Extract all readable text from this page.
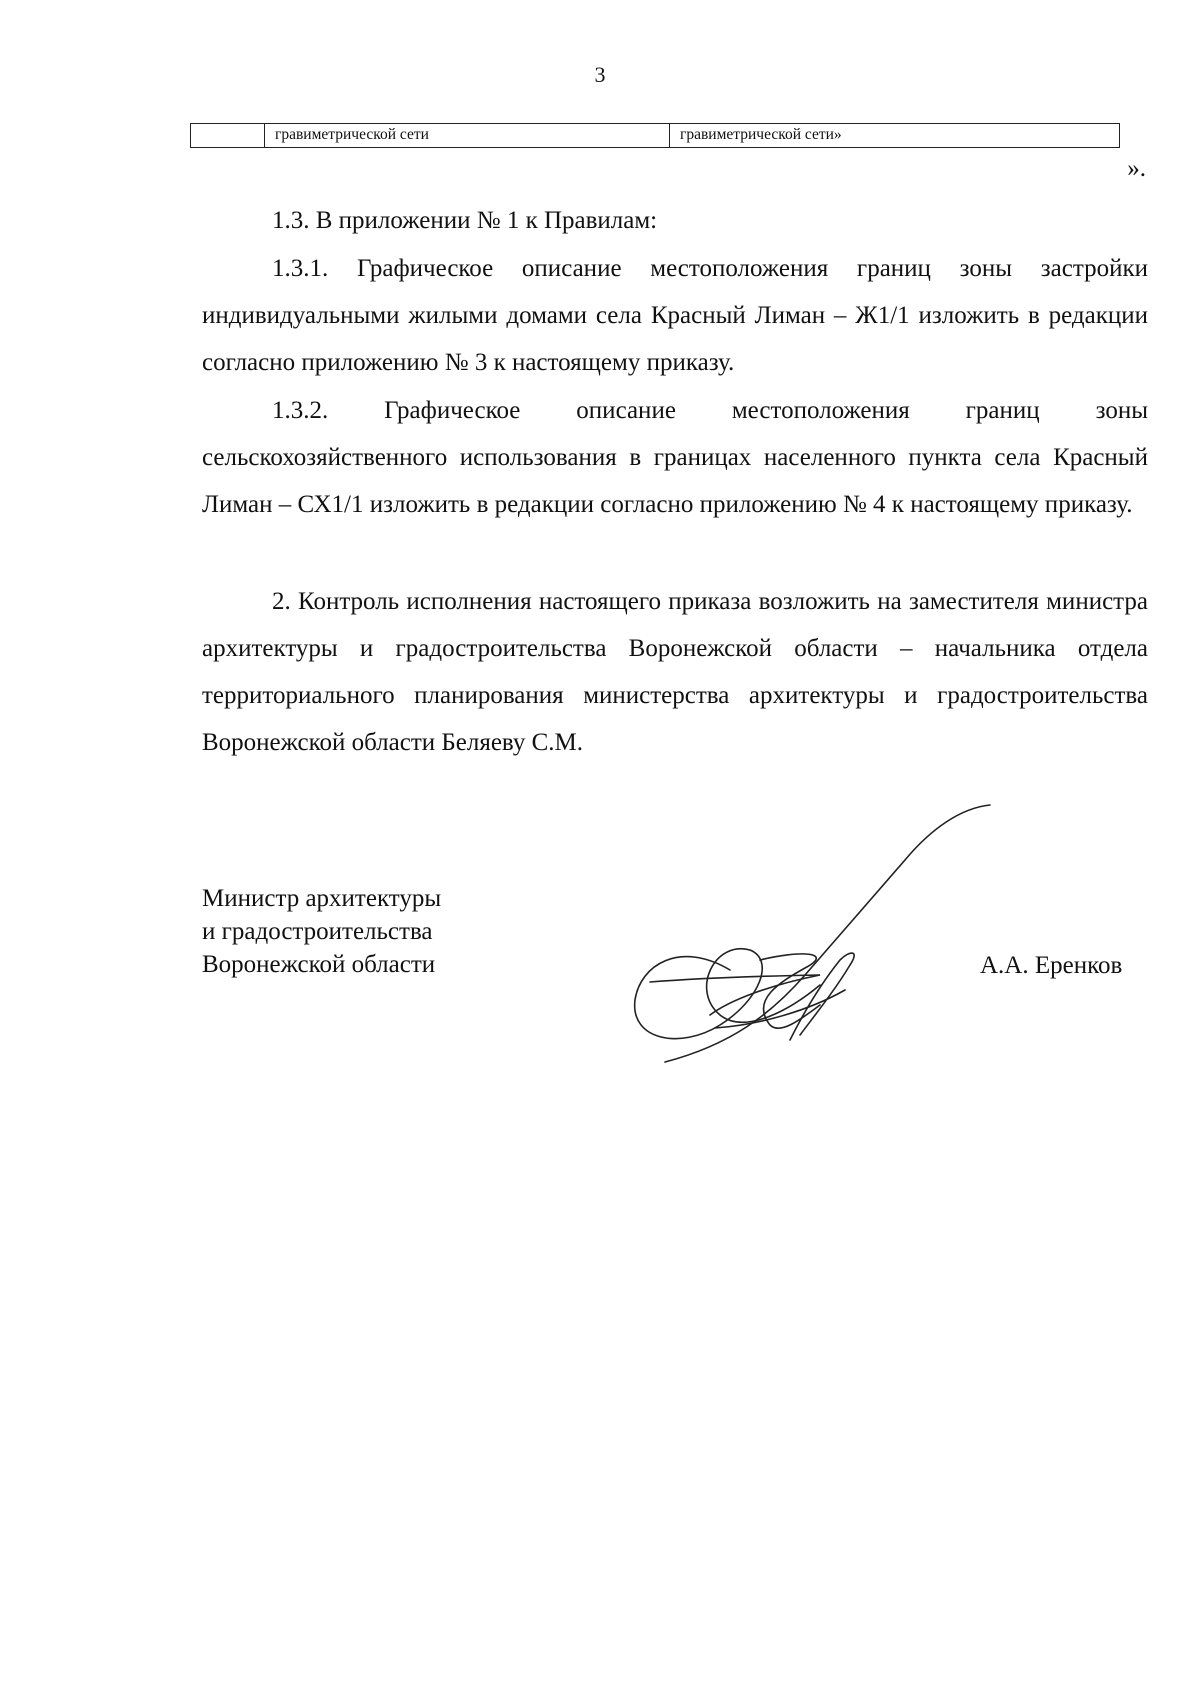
3
гравиметрической сети	гравиметрической сети»
».

1.3. В приложении № 1 к Правилам:

1.3.1. Графическое описание местоположения границ зоны застройки индивидуальными жилыми домами села Красный Лиман – Ж1/1 изложить в редакции согласно приложению № 3 к настоящему приказу.

1.3.2. Графическое описание местоположения границ зоны сельскохозяйственного использования в границах населенного пункта села Красный Лиман – СХ1/1 изложить в редакции согласно приложению № 4 к настоящему приказу.

2. Контроль исполнения настоящего приказа возложить на заместителя министра архитектуры и градостроительства Воронежской области – начальника отдела территориального планирования министерства архитектуры и градостроительства Воронежской области Беляеву С.М.

Министр архитектуры
и градостроительства
Воронежской области	А.А. Еренков
